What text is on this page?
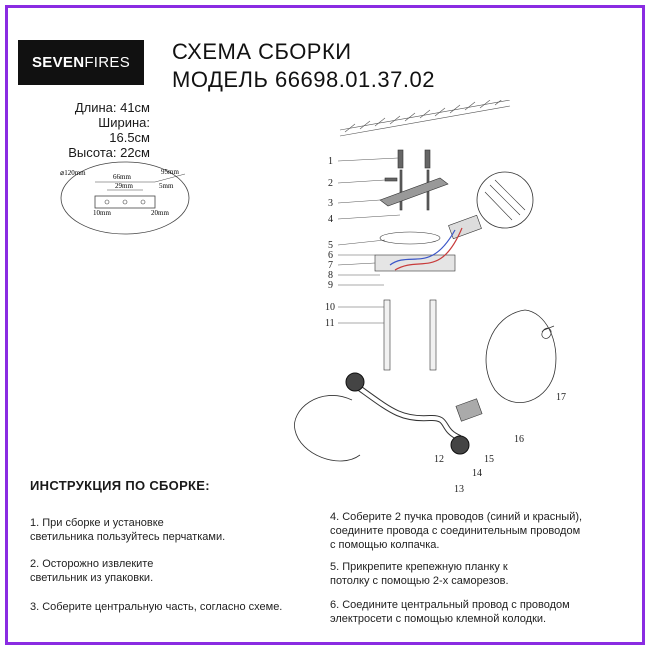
SEVEN FIRES СХЕМА СБОРКИ
МОДЕЛЬ 66698.01.37.02
Длина: 41см
Ширина: 16.5см
Высота: 22см
⌀120mm	66mm
95mm
29mm	5mm
10mm	20mm
1
2
3
4
5
6
7
8
9
10
11
12
13
14
15
16
17
ИНСТРУКЦИЯ ПО СБОРКЕ:
1. При сборке и установке
светильника пользуйтесь перчатками.
2. Осторожно извлеките
светильник из упаковки.
3. Соберите центральную часть, согласно схеме.
4. Соберите 2 пучка проводов (синий и красный),
соедините провода с соединительным проводом
с помощью колпачка.
5. Прикрепите крепежную планку к
потолку с помощью 2-х саморезов.
6. Соедините центральный провод с проводом
электросети с помощью клемной колодки.
